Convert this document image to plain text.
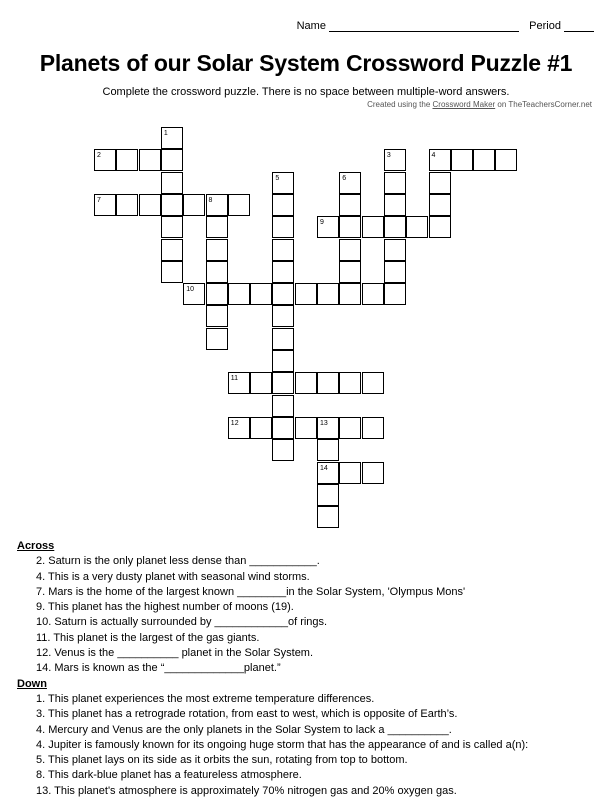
Name	Period
Planets of our Solar System Crossword Puzzle #1
Complete the crossword puzzle. There is no space between multiple-word answers.
Created using the Crossword Maker on TheTeachersCorner.net
2	4
7	8
9
10
11
12	13
14
1
3
5	6
Across
2. Saturn is the only planet less dense than ___________.
4. This is a very dusty planet with seasonal wind storms.
7. Mars is the home of the largest known ________in the Solar System, 'Olympus Mons'
9. This planet has the highest number of moons (19).
10. Saturn is actually surrounded by ____________of rings.
11. This planet is the largest of the gas giants.
12. Venus is the __________ planet in the Solar System.
14. Mars is known as the “_____________planet.”
Down
1. This planet experiences the most extreme temperature differences.
3. This planet has a retrograde rotation, from east to west, which is opposite of Earth’s.
4. Mercury and Venus are the only planets in the Solar System to lack a __________.
4. Jupiter is famously known for its ongoing huge storm that has the appearance of and is called a(n):
5. This planet lays on its side as it orbits the sun, rotating from top to bottom.
8. This dark-blue planet has a featureless atmosphere.
13. This planet's atmosphere is approximately 70% nitrogen gas and 20% oxygen gas.
